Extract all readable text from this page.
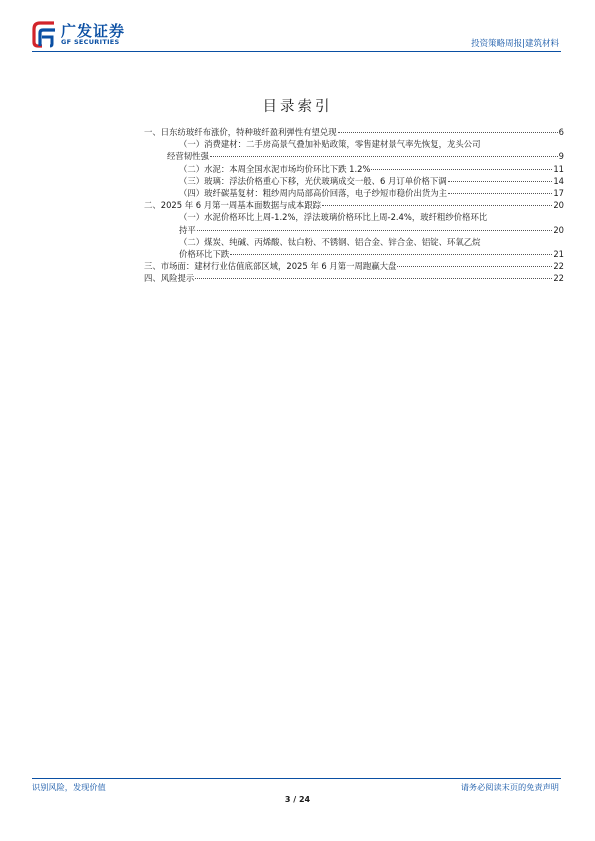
广发证券
GF SECURITIES	投资策略周报|建筑材料
目录索引
一、日东纺玻纤布涨价，特种玻纤盈利弹性有望兑现	6
（一）消费建材：二手房高景气叠加补贴政策，零售建材景气率先恢复，龙头公司
经营韧性强	9
（二）水泥：本周全国水泥市场均价环比下跌 1.2%	11
（三）玻璃：浮法价格重心下移，光伏玻璃成交一般、6 月订单价格下调	14
（四）玻纤碳基复材：粗纱周内局部高价回落，电子纱短市稳价出货为主	17
二、2025 年 6 月第一周基本面数据与成本跟踪	20
（一）水泥价格环比上周-1.2%，浮法玻璃价格环比上周-2.4%，玻纤粗纱价格环比
持平	20
（二）煤炭、纯碱、丙烯酸、钛白粉、不锈钢、铝合金、锌合金、铝锭、环氧乙烷
价格环比下跌	21
三、市场面：建材行业估值底部区域，2025 年 6 月第一周跑赢大盘	22
四、风险提示	22
识别风险，发现价值	请务必阅读末页的免责声明
3 / 24
